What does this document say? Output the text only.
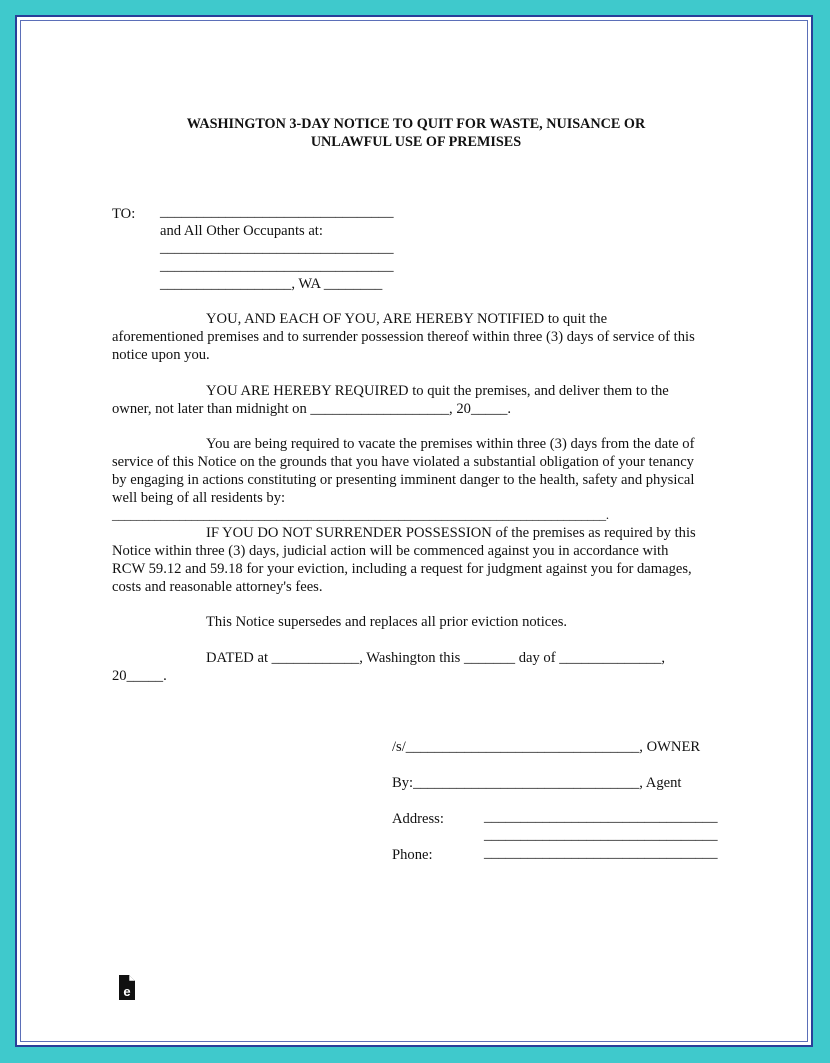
WASHINGTON 3-DAY NOTICE TO QUIT FOR WASTE, NUISANCE OR
UNLAWFUL USE OF PREMISES
TO: ________________________________
and All Other Occupants at:
________________________________
________________________________
__________________, WA ________
YOU, AND EACH OF YOU, ARE HEREBY NOTIFIED to quit the
aforementioned premises and to surrender possession thereof within three (3) days of service of this
notice upon you.
YOU ARE HEREBY REQUIRED to quit the premises, and deliver them to the
owner, not later than midnight on ___________________, 20_____.
You are being required to vacate the premises within three (3) days from the date of
service of this Notice on the grounds that you have violated a substantial obligation of your tenancy
by engaging in actions constituting or presenting imminent danger to the health, safety and physical
well being of all residents by:
_________________________________________________________________________________.
IF YOU DO NOT SURRENDER POSSESSION of the premises as required by this
Notice within three (3) days, judicial action will be commenced against you in accordance with
RCW 59.12 and 59.18 for your eviction, including a request for judgment against you for damages,
costs and reasonable attorney's fees.
This Notice supersedes and replaces all prior eviction notices.
DATED at ____________, Washington this _______ day of ______________,
20_____.
/s/________________________________, OWNER
By:_______________________________, Agent
Address:	________________________________
________________________________
Phone:	________________________________
e
